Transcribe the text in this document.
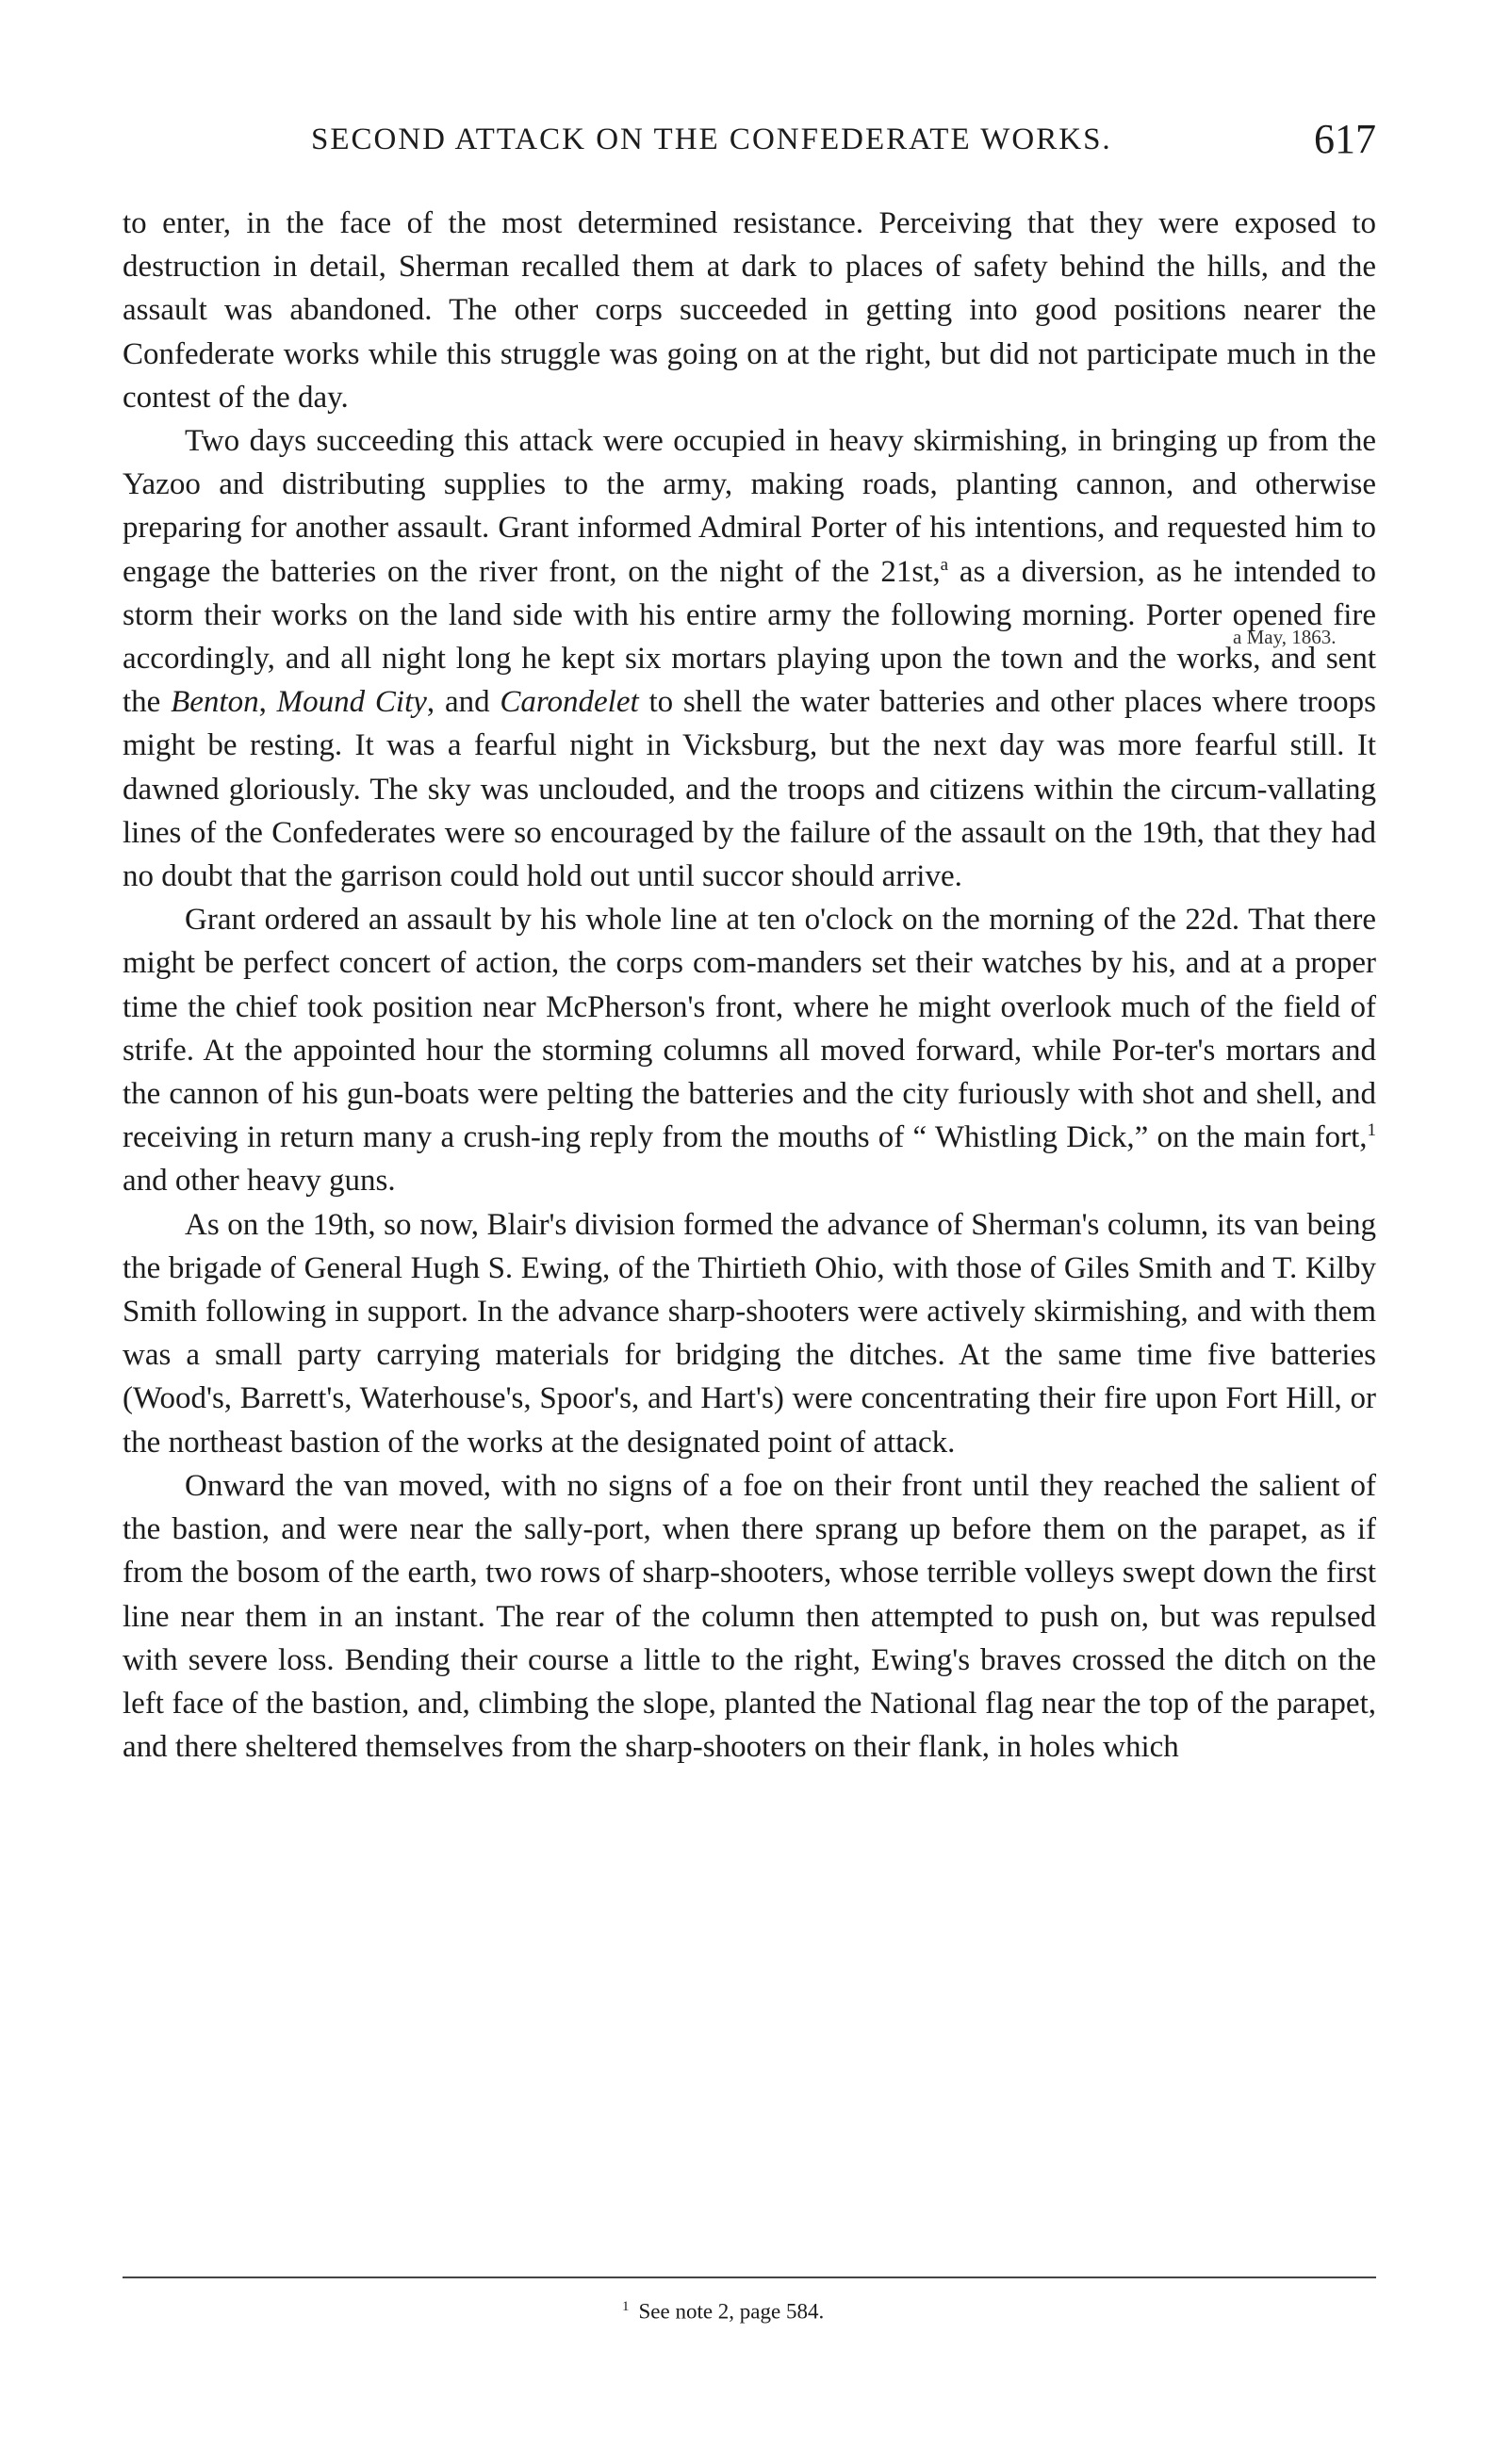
SECOND ATTACK ON THE CONFEDERATE WORKS.	617
a May, 1863.

to enter, in the face of the most determined resistance. Perceiving that they were exposed to destruction in detail, Sherman recalled them at dark to places of safety behind the hills, and the assault was abandoned. The other corps succeeded in getting into good positions nearer the Confederate works while this struggle was going on at the right, but did not participate much in the contest of the day.

Two days succeeding this attack were occupied in heavy skirmishing, in bringing up from the Yazoo and distributing supplies to the army, making roads, planting cannon, and otherwise preparing for another assault. Grant informed Admiral Porter of his intentions, and requested him to engage the batteries on the river front, on the night of the 21st,$^a$ as a diversion, as he intended to storm their works on the land side with his entire army the following morning. Porter opened fire accordingly, and all night long he kept six mortars playing upon the town and the works, and sent the Benton, Mound City, and Carondelet to shell the water batteries and other places where troops might be resting. It was a fearful night in Vicksburg, but the next day was more fearful still. It dawned gloriously. The sky was unclouded, and the troops and citizens within the circum-vallating lines of the Confederates were so encouraged by the failure of the assault on the 19th, that they had no doubt that the garrison could hold out until succor should arrive.

Grant ordered an assault by his whole line at ten o'clock on the morning of the 22d. That there might be perfect concert of action, the corps com-manders set their watches by his, and at a proper time the chief took position near McPherson's front, where he might overlook much of the field of strife. At the appointed hour the storming columns all moved forward, while Por-ter's mortars and the cannon of his gun-boats were pelting the batteries and the city furiously with shot and shell, and receiving in return many a crush-ing reply from the mouths of “ Whistling Dick,” on the main fort,$^1$ and other heavy guns.

As on the 19th, so now, Blair's division formed the advance of Sherman's column, its van being the brigade of General Hugh S. Ewing, of the Thirtieth Ohio, with those of Giles Smith and T. Kilby Smith following in support. In the advance sharp-shooters were actively skirmishing, and with them was a small party carrying materials for bridging the ditches. At the same time five batteries (Wood's, Barrett's, Waterhouse's, Spoor's, and Hart's) were concentrating their fire upon Fort Hill, or the northeast bastion of the works at the designated point of attack.

Onward the van moved, with no signs of a foe on their front until they reached the salient of the bastion, and were near the sally-port, when there sprang up before them on the parapet, as if from the bosom of the earth, two rows of sharp-shooters, whose terrible volleys swept down the first line near them in an instant. The rear of the column then attempted to push on, but was repulsed with severe loss. Bending their course a little to the right, Ewing's braves crossed the ditch on the left face of the bastion, and, climbing the slope, planted the National flag near the top of the parapet, and there sheltered themselves from the sharp-shooters on their flank, in holes which

$^1$ See note 2, page 584.
